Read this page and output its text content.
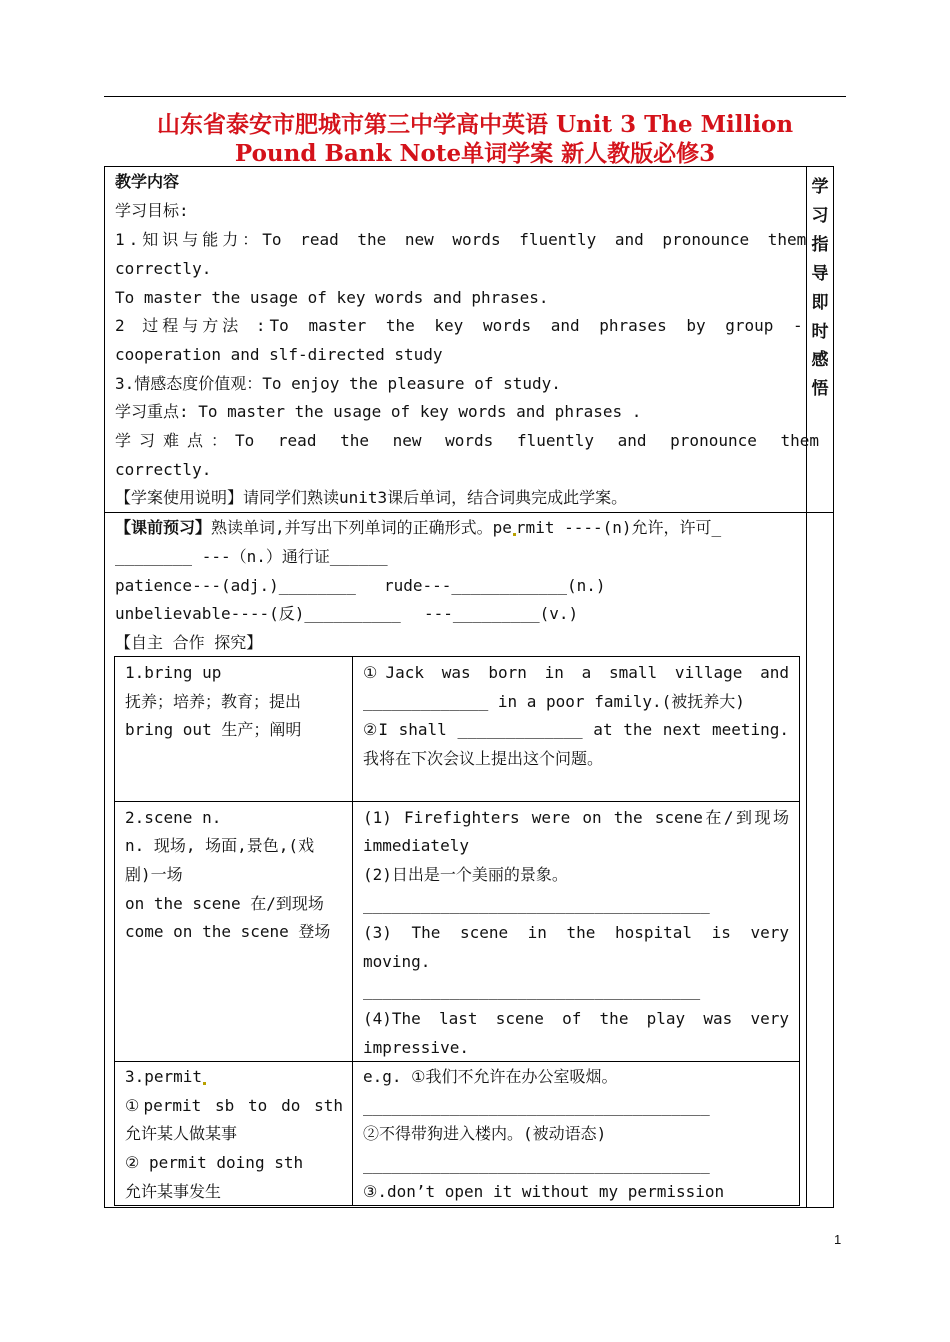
山东省泰安市肥城市第三中学高中英语 Unit 3 The Million
Pound Bank Note单词学案 新人教版必修3
学
习
指
导
即
时
感
悟
教学内容
学习目标:
1.知识与能力： To read the new words fluently and pronounce them
correctly.
To master the usage of key words and phrases.
2 过程与方法 : To master the key words and phrases by group -
cooperation and slf-directed study
3.情感态度价值观：To enjoy the pleasure of study.
学习重点: To master the usage of key words and phrases .
学习难点： To read the new words fluently and pronounce them
correctly.
【学案使用说明】请同学们熟读unit3课后单词，结合词典完成此学案。
【课前预习】熟读单词,并写出下列单词的正确形式。pe rmit ----(n)允许，许可_
________ ---（n.）通行证______
patience---(adj.)________ rude---____________(n.)
unbelievable----(反)__________ ---_________(v.)
【自主 合作 探究】
1.bring up
抚养；培养；教育；提出
bring out 生产；阐明
①Jack was born in a small village and
_____________ in a poor family.(被抚养大)
②I shall _____________ at the next meeting.
我将在下次会议上提出这个问题。
2.scene n.
n. 现场, 场面,景色,(戏
剧)一场
on the scene 在/到现场
come on the scene 登场
(1) Firefighters were on the scene在/到现场
immediately
(2)日出是一个美丽的景象。
____________________________________
(3) The scene in the hospital is very
moving.
___________________________________
(4)The last scene of the play was very
impressive.
3.permit
①permit sb to do sth
允许某人做某事
② permit doing sth
允许某事发生
e.g. ①我们不允许在办公室吸烟。
____________________________________
②不得带狗进入楼内。(被动语态)
____________________________________
③.don’t open it without my permission
1
